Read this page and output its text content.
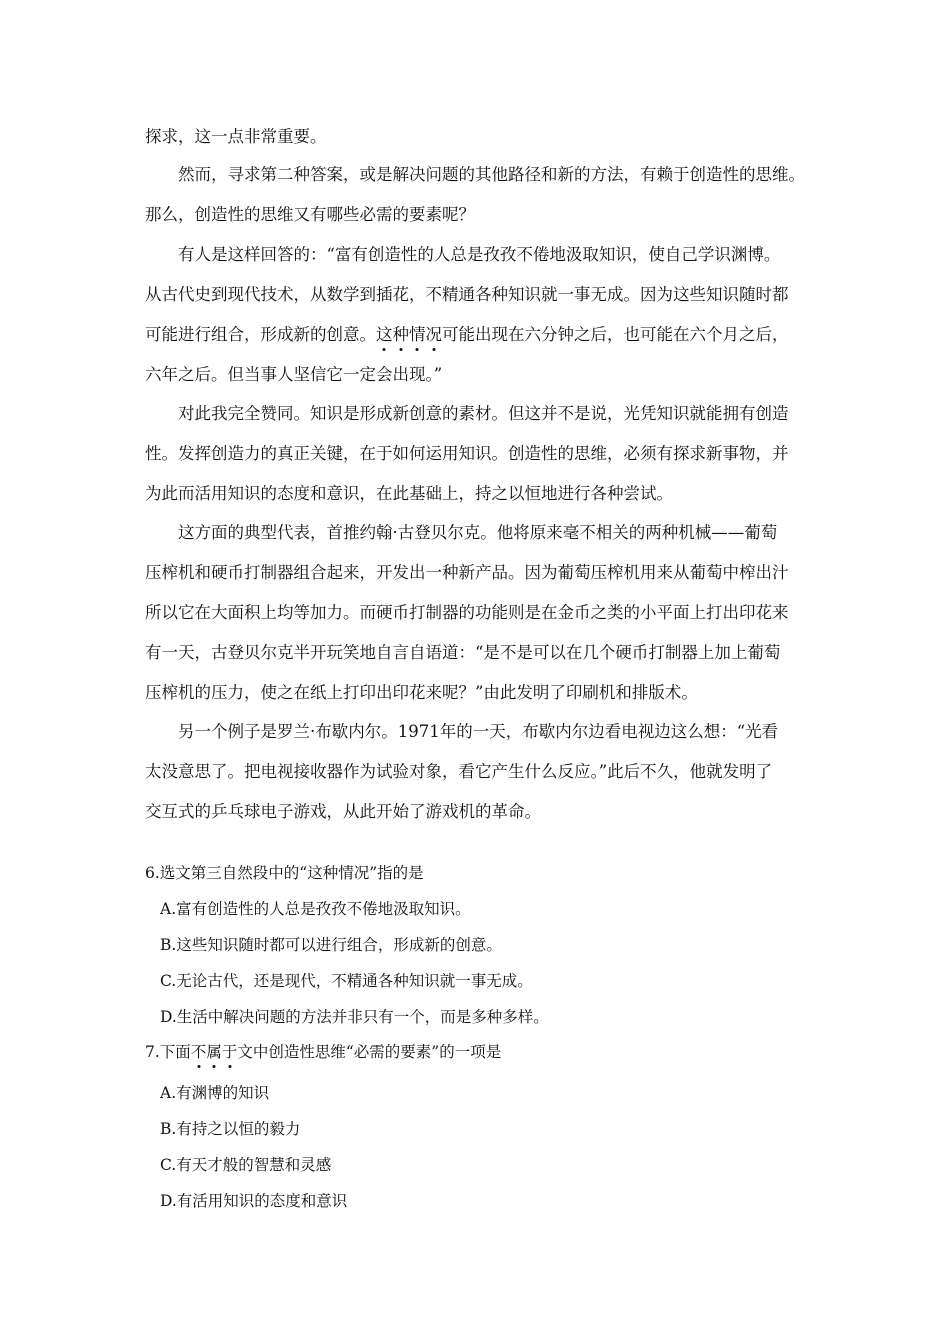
探求，这一点非常重要。
然而，寻求第二种答案，或是解决问题的其他路径和新的方法，有赖于创造性的思维。
那么，创造性的思维又有哪些必需的要素呢？
有人是这样回答的：“富有创造性的人总是孜孜不倦地汲取知识，使自己学识渊博。
从古代史到现代技术，从数学到插花，不精通各种知识就一事无成。因为这些知识随时都
可能进行组合，形成新的创意。这种情况可能出现在六分钟之后，也可能在六个月之后，
六年之后。但当事人坚信它一定会出现。”
对此我完全赞同。知识是形成新创意的素材。但这并不是说，光凭知识就能拥有创造
性。发挥创造力的真正关键，在于如何运用知识。创造性的思维，必须有探求新事物，并
为此而活用知识的态度和意识，在此基础上，持之以恒地进行各种尝试。
这方面的典型代表，首推约翰·古登贝尔克。他将原来毫不相关的两种机械——葡萄
压榨机和硬币打制器组合起来，开发出一种新产品。因为葡萄压榨机用来从葡萄中榨出汁
所以它在大面积上均等加力。而硬币打制器的功能则是在金币之类的小平面上打出印花来
有一天，古登贝尔克半开玩笑地自言自语道：“是不是可以在几个硬币打制器上加上葡萄
压榨机的压力，使之在纸上打印出印花来呢？”由此发明了印刷机和排版术。
另一个例子是罗兰·布歇内尔。1971年的一天，布歇内尔边看电视边这么想：“光看
太没意思了。把电视接收器作为试验对象，看它产生什么反应。”此后不久，他就发明了
交互式的乒乓球电子游戏，从此开始了游戏机的革命。
6.选文第三自然段中的“这种情况”指的是
A.富有创造性的人总是孜孜不倦地汲取知识。
B.这些知识随时都可以进行组合，形成新的创意。
C.无论古代，还是现代，不精通各种知识就一事无成。
D.生活中解决问题的方法并非只有一个，而是多种多样。
7.下面不属于文中创造性思维“必需的要素”的一项是
A.有渊博的知识
B.有持之以恒的毅力
C.有天才般的智慧和灵感
D.有活用知识的态度和意识
